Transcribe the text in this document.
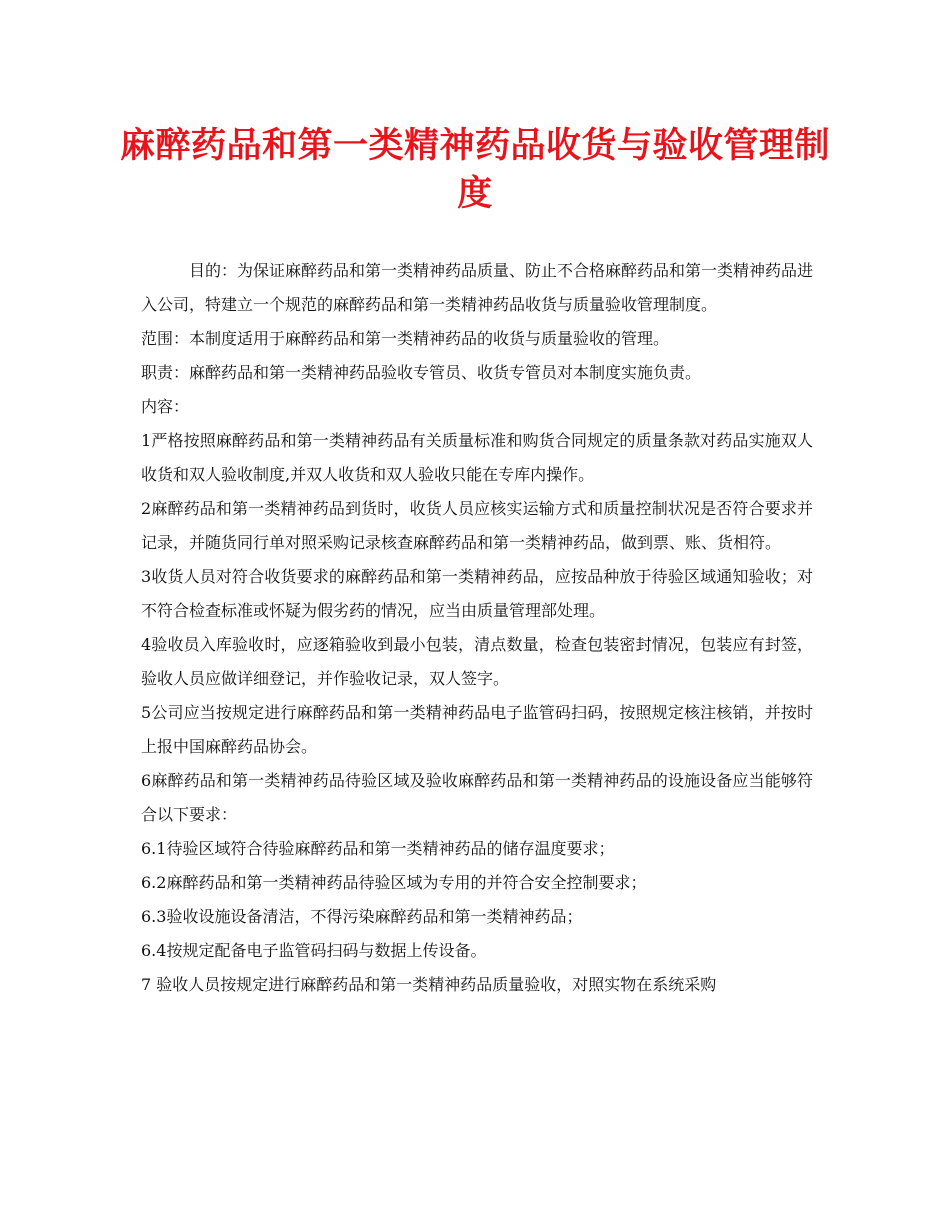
麻醉药品和第一类精神药品收货与验收管理制度

目的：为保证麻醉药品和第一类精神药品质量、防止不合格麻醉药品和第一类精神药品进入公司，特建立一个规范的麻醉药品和第一类精神药品收货与质量验收管理制度。

范围：本制度适用于麻醉药品和第一类精神药品的收货与质量验收的管理。

职责：麻醉药品和第一类精神药品验收专管员、收货专管员对本制度实施负责。

内容：

1严格按照麻醉药品和第一类精神药品有关质量标准和购货合同规定的质量条款对药品实施双人收货和双人验收制度,并双人收货和双人验收只能在专库内操作。

2麻醉药品和第一类精神药品到货时，收货人员应核实运输方式和质量控制状况是否符合要求并记录，并随货同行单对照采购记录核查麻醉药品和第一类精神药品，做到票、账、货相符。

3收货人员对符合收货要求的麻醉药品和第一类精神药品，应按品种放于待验区域通知验收；对不符合检查标准或怀疑为假劣药的情况，应当由质量管理部处理。

4验收员入库验收时，应逐箱验收到最小包装，清点数量，检查包装密封情况，包装应有封签，验收人员应做详细登记，并作验收记录，双人签字。

5公司应当按规定进行麻醉药品和第一类精神药品电子监管码扫码，按照规定核注核销，并按时上报中国麻醉药品协会。

6麻醉药品和第一类精神药品待验区域及验收麻醉药品和第一类精神药品的设施设备应当能够符合以下要求：

6.1待验区域符合待验麻醉药品和第一类精神药品的储存温度要求；

6.2麻醉药品和第一类精神药品待验区域为专用的并符合安全控制要求；

6.3验收设施设备清洁，不得污染麻醉药品和第一类精神药品；

6.4按规定配备电子监管码扫码与数据上传设备。

7 验收人员按规定进行麻醉药品和第一类精神药品质量验收，对照实物在系统采购
